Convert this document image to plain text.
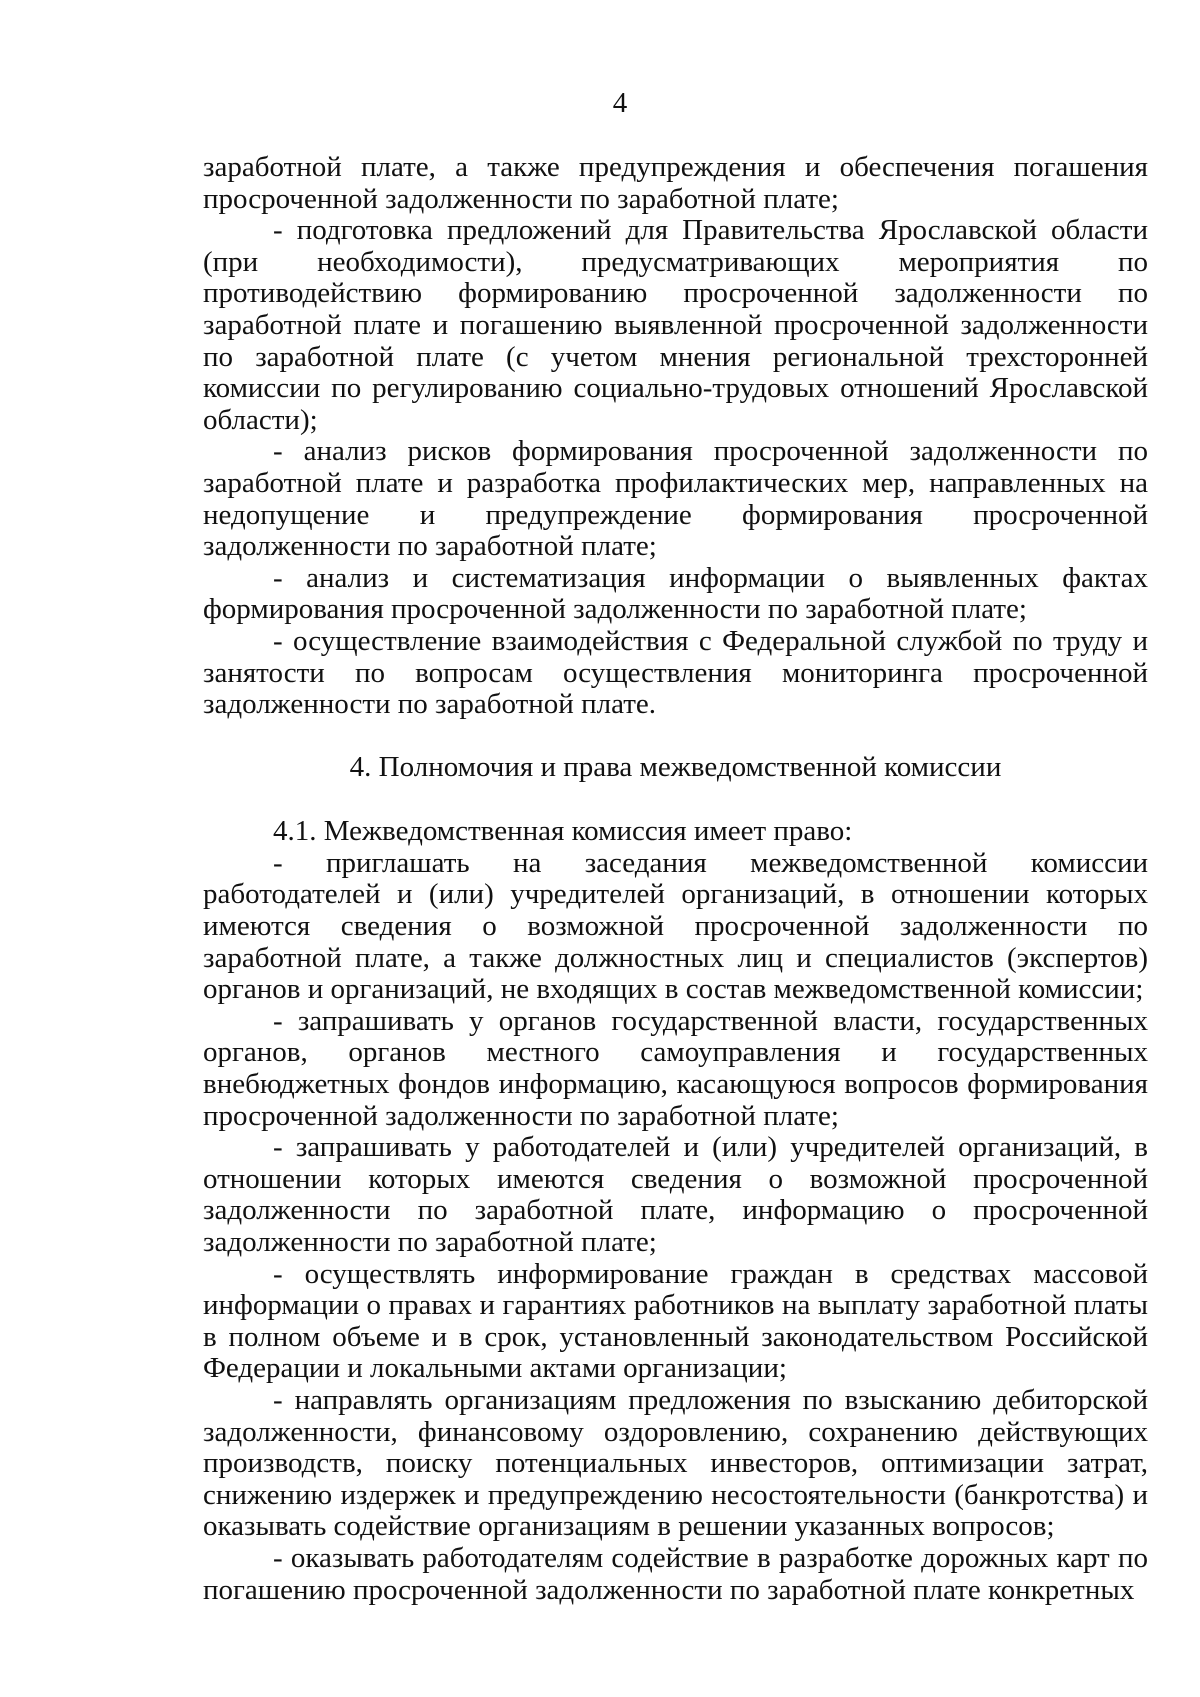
4

заработной плате, а также предупреждения и обеспечения погашения просроченной задолженности по заработной плате;

- подготовка предложений для Правительства Ярославской области (при необходимости), предусматривающих мероприятия по противодействию формированию просроченной задолженности по заработной плате и погашению выявленной просроченной задолженности по заработной плате (с учетом мнения региональной трехсторонней комиссии по регулированию социально-трудовых отношений Ярославской области);

- анализ рисков формирования просроченной задолженности по заработной плате и разработка профилактических мер, направленных на недопущение и предупреждение формирования просроченной задолженности по заработной плате;

- анализ и систематизация информации о выявленных фактах формирования просроченной задолженности по заработной плате;

- осуществление взаимодействия с Федеральной службой по труду и занятости по вопросам осуществления мониторинга просроченной задолженности по заработной плате.

4. Полномочия и права межведомственной комиссии

4.1. Межведомственная комиссия имеет право:

- приглашать на заседания межведомственной комиссии работодателей и (или) учредителей организаций, в отношении которых имеются сведения о возможной просроченной задолженности по заработной плате, а также должностных лиц и специалистов (экспертов) органов и организаций, не входящих в состав межведомственной комиссии;

- запрашивать у органов государственной власти, государственных органов, органов местного самоуправления и государственных внебюджетных фондов информацию, касающуюся вопросов формирования просроченной задолженности по заработной плате;

- запрашивать у работодателей и (или) учредителей организаций, в отношении которых имеются сведения о возможной просроченной задолженности по заработной плате, информацию о просроченной задолженности по заработной плате;

- осуществлять информирование граждан в средствах массовой информации о правах и гарантиях работников на выплату заработной платы в полном объеме и в срок, установленный законодательством Российской Федерации и локальными актами организации;

- направлять организациям предложения по взысканию дебиторской задолженности, финансовому оздоровлению, сохранению действующих производств, поиску потенциальных инвесторов, оптимизации затрат, снижению издержек и предупреждению несостоятельности (банкротства) и оказывать содействие организациям в решении указанных вопросов;

- оказывать работодателям содействие в разработке дорожных карт по погашению просроченной задолженности по заработной плате конкретных
